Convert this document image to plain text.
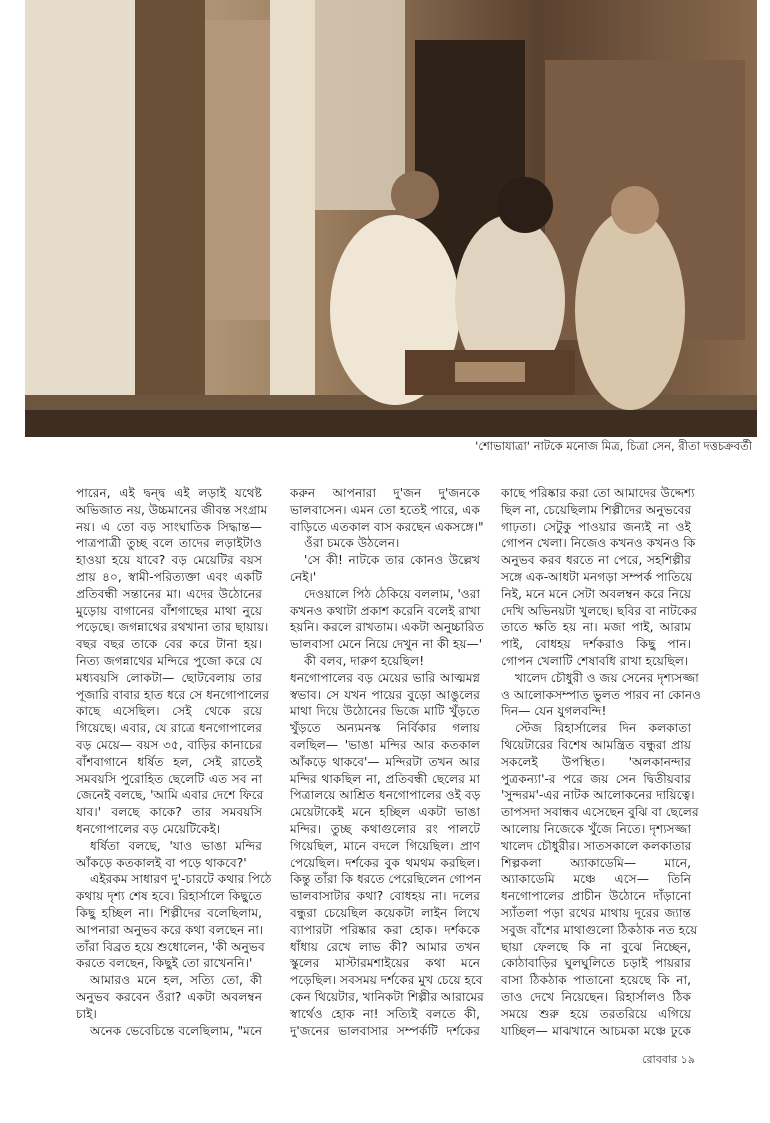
'শোভাযাত্রা' নাটকে মনোজ মিত্র, চিত্রা সেন, রীতা দত্তচক্রবর্তী
পারেন, এই দ্বন্দ্ব এই লড়াই যথেষ্ট
অভিজাত নয়, উচ্চমানের জীবন্ত সংগ্রাম
নয়। এ তো বড় সাংঘাতিক সিদ্ধান্ত—
পাত্রপাত্রী তুচ্ছ বলে তাদের লড়াইটাও
হাওয়া হয়ে যাবে? বড় মেয়েটির বয়স
প্রায় ৪০, স্বামী-পরিত্যক্তা এবং একটি
প্রতিবন্ধী সন্তানের মা। এদের উঠোনের
মুড়োয় বাগানের বাঁশগাছের মাথা নুয়ে
পড়েছে। জগন্নাথের রথখানা তার ছায়ায়।
বছর বছর তাকে বের করে টানা হয়।
নিত্য জগন্নাথের মন্দিরে পুজো করে যে
মধ্যবয়সি লোকটা— ছোটবেলায় তার
পূজারি বাবার হাত ধরে সে ধনগোপালের
কাছে এসেছিল। সেই থেকে রয়ে
গিয়েছে। এবার, যে রাত্রে ধনগোপালের
বড় মেয়ে— বয়স ৩৫, বাড়ির কানাচের
বাঁশবাগানে ধর্ষিত হল, সেই রাতেই
সমবয়সি পুরোহিত ছেলেটি এত সব না
জেনেই বলছে, 'আমি এবার দেশে ফিরে
যাব।' বলছে কাকে? তার সমবয়সি
ধনগোপালের বড় মেয়েটিকেই।
ধর্ষিতা বলছে, 'যাও ভাঙা মন্দির
আঁকড়ে কতকালই বা পড়ে থাকবে?'
এইরকম সাধারণ দু'-চারটে কথার পিঠে
কথায় দৃশ্য শেষ হবে। রিহার্সালে কিছুতে
কিছু হচ্ছিল না। শিল্পীদের বলেছিলাম,
আপনারা অনুভব করে কথা বলছেন না।
তাঁরা বিব্রত হয়ে শুধোলেন, 'কী অনুভব
করতে বলছেন, কিছুই তো রাখেননি।'
আমারও মনে হল, সত্যি তো, কী
অনুভব করবেন ওঁরা? একটা অবলম্বন
চাই।
অনেক ভেবেচিন্তে বলেছিলাম, "মনে
করুন আপনারা দু'জন দু'জনকে
ভালবাসেন। এমন তো হতেই পারে, এক
বাড়িতে এতকাল বাস করছেন একসঙ্গে।"
ওঁরা চমকে উঠলেন।
'সে কী! নাটকে তার কোনও উল্লেখ
নেই।'
দেওয়ালে পিঠ ঠেকিয়ে বললাম, 'ওরা
কখনও কথাটা প্রকাশ করেনি বলেই রাখা
হয়নি। করলে রাখতাম। একটা অনুচ্চারিত
ভালবাসা মেনে নিয়ে দেখুন না কী হয়—'
কী বলব, দারুণ হয়েছিল!
ধনগোপালের বড় মেয়ের ভারি আত্মমগ্ন
স্বভাব। সে যখন পায়ের বুড়ো আঙুলের
মাথা দিয়ে উঠোনের ভিজে মাটি খুঁড়তে
খুঁড়তে অন্যমনস্ক নির্বিকার গলায়
বলছিল— 'ভাঙা মন্দির আর কতকাল
আঁকড়ে থাকবে'— মন্দিরটা তখন আর
মন্দির থাকছিল না, প্রতিবন্ধী ছেলের মা
পিত্রালয়ে আশ্রিত ধনগোপালের ওই বড়
মেয়েটাকেই মনে হচ্ছিল একটা ভাঙা
মন্দির। তুচ্ছ কথাগুলোর রং পালটে
গিয়েছিল, মানে বদলে গিয়েছিল। প্রাণ
পেয়েছিল। দর্শকের বুক থমথম করছিল।
কিন্তু তাঁরা কি ধরতে পেরেছিলেন গোপন
ভালবাসাটার কথা? বোধহয় না। দলের
বন্ধুরা চেয়েছিল কয়েকটা লাইন লিখে
ব্যাপারটা পরিষ্কার করা হোক। দর্শককে
ধাঁধায় রেখে লাভ কী? আমার তখন
স্কুলের মাস্টারমশাইয়ের কথা মনে
পড়েছিল। সবসময় দর্শকের মুখ চেয়ে হবে
কেন থিয়েটার, খানিকটা শিল্পীর আরামের
স্বার্থেও হোক না! সত্যিই বলতে কী,
দু'জনের ভালবাসার সম্পর্কটি দর্শকের
কাছে পরিষ্কার করা তো আমাদের উদ্দেশ্য
ছিল না, চেয়েছিলাম শিল্পীদের অনুভবের
গাঢ়তা। সেটুকু পাওয়ার জন্যই না ওই
গোপন খেলা। নিজেও কখনও কখনও কি
অনুভব করব ধরতে না পেরে, সহশিল্পীর
সঙ্গে এক-আধটা মনগড়া সম্পর্ক পাতিয়ে
নিই, মনে মনে সেটা অবলম্বন করে নিয়ে
দেখি অভিনয়টা খুলছে। ছবির বা নাটকের
তাতে ক্ষতি হয় না। মজা পাই, আরাম
পাই, বোধহয় দর্শকরাও কিছু পান।
গোপন খেলাটি শেষাবধি রাখা হয়েছিল।
খালেদ চৌধুরী ও জয় সেনের দৃশ্যসজ্জা
ও আলোকসম্পাত ভুলত পারব না কোনও
দিন— যেন যুগলবন্দি!
স্টেজ রিহার্সালের দিন কলকাতা
থিয়েটারের বিশেষ আমন্ত্রিত বন্ধুরা প্রায়
সকলেই উপস্থিত। 'অলকানন্দার
পুত্রকন্যা'-র পরে জয় সেন দ্বিতীয়বার
'সুন্দরম'-এর নাটক আলোকনের দায়িত্বে।
তাপসদা সবান্ধব এসেছেন বুঝি বা ছেলের
আলোয় নিজেকে খুঁজে নিতে। দৃশ্যসজ্জা
খালেদ চৌধুরীর। সাতসকালে কলকাতার
শিল্পকলা অ্যাকাডেমি— মানে,
অ্যাকাডেমি মঞ্চে এসে— তিনি
ধনগোপালের প্রাচীন উঠোনে দাঁড়ানো
স্যাঁতলা পড়া রথের মাথায় দূরের জ্যান্ত
সবুজ বাঁশের মাথাগুলো ঠিকঠাক নত হয়ে
ছায়া ফেলছে কি না বুঝে নিচ্ছেন,
কোঠাবাড়ির ঘুলঘুলিতে চড়াই পায়রার
বাসা ঠিকঠাক পাতানো হয়েছে কি না,
তাও দেখে নিয়েছেন। রিহার্সালও ঠিক
সময়ে শুরু হয়ে তরতরিয়ে এগিয়ে
যাচ্ছিল— মাঝখানে আচমকা মঞ্চে ঢুকে
রোববার ১৯
